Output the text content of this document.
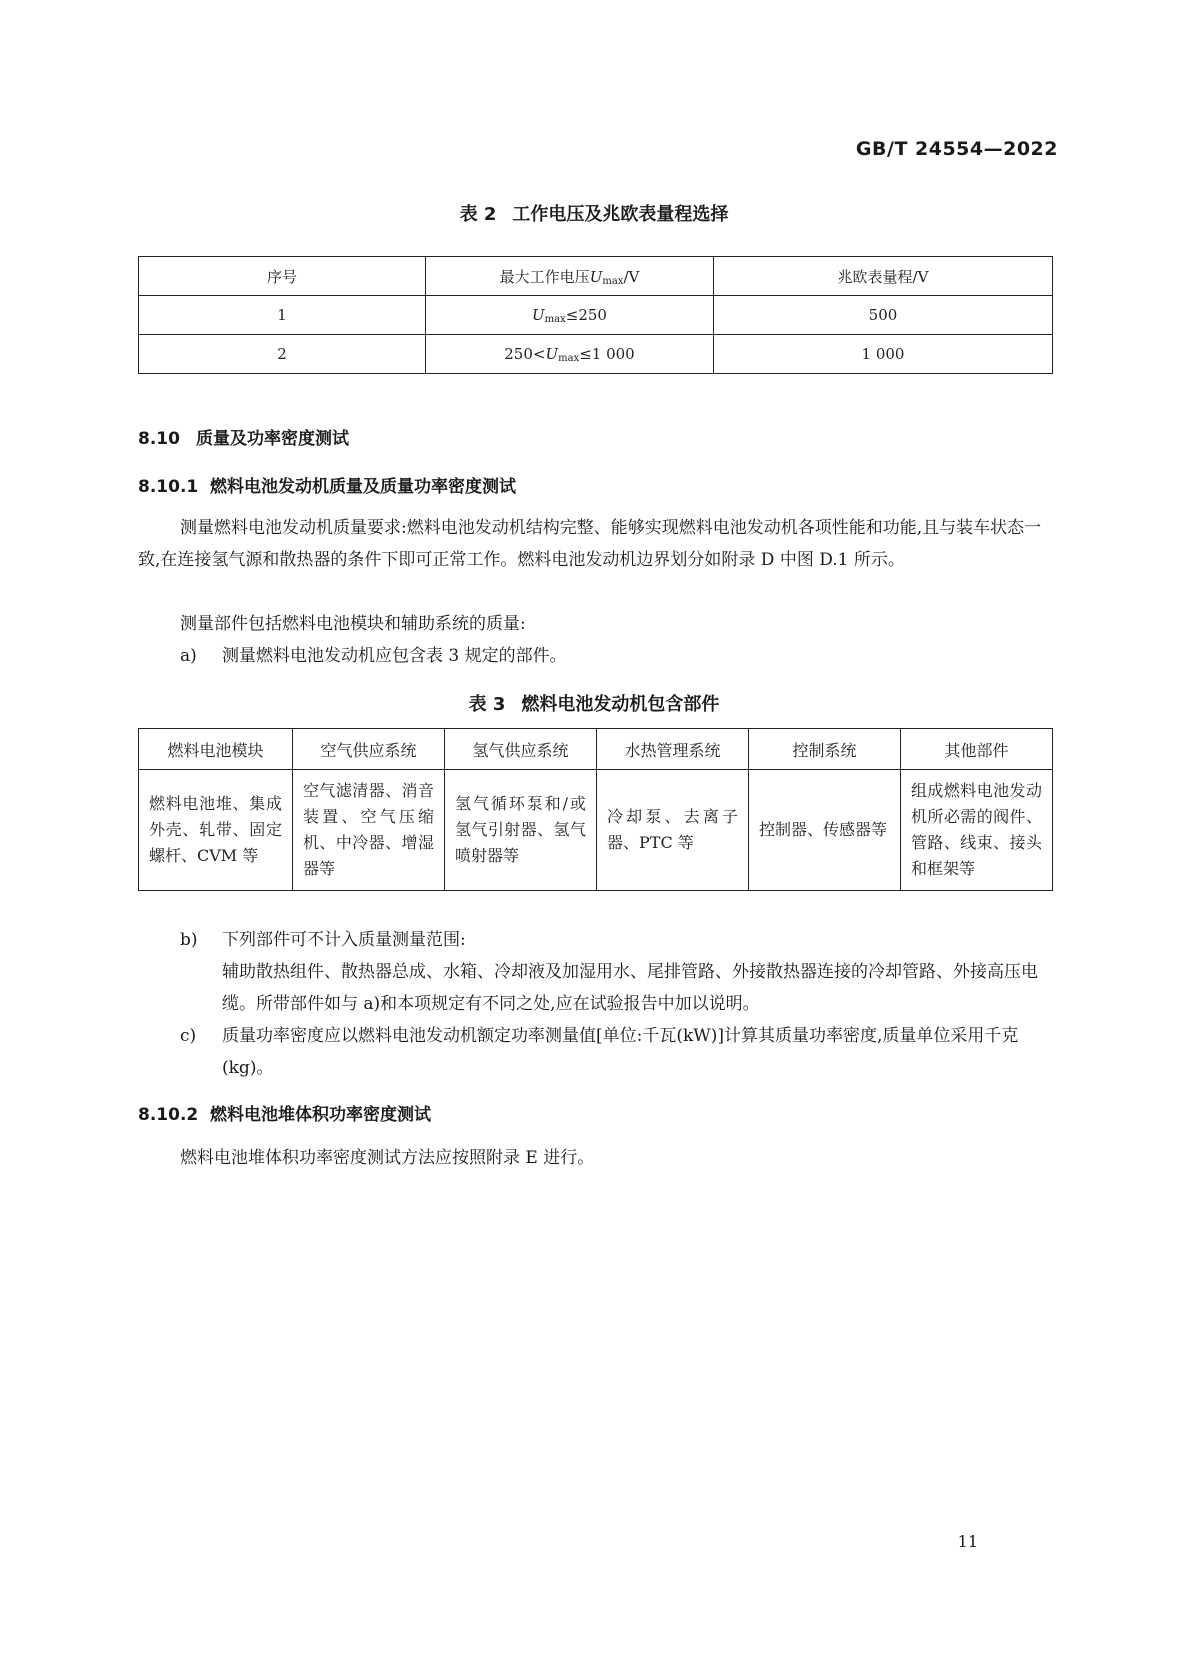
GB/T 24554—2022
表 2 工作电压及兆欧表量程选择
序号	最大工作电压$U_{max}/V$	兆欧表量程/V
1	$U_{max}\le 250$	500
2	$250<U_{max}\le 1$ 000	1 000
8.10 质量及功率密度测试
8.10.1 燃料电池发动机质量及质量功率密度测试
测量燃料电池发动机质量要求:燃料电池发动机结构完整、能够实现燃料电池发动机各项性能和功能,且与装车状态一致,在连接氢气源和散热器的条件下即可正常工作。燃料电池发动机边界划分如附录 D 中图 D.1 所示。
测量部件包括燃料电池模块和辅助系统的质量:
a) 测量燃料电池发动机应包含表 3 规定的部件。
表 3 燃料电池发动机包含部件
燃料电池模块	空气供应系统	氢气供应系统	水热管理系统	控制系统	其他部件
燃料电池堆、集成外壳、轧带、固定螺杆、CVM 等	空气滤清器、消音装置、空气压缩机、中冷器、增湿器等	氢气循环泵和/或氢气引射器、氢气喷射器等	冷却泵、去离子器、PTC 等	控制器、传感器等	组成燃料电池发动机所必需的阀件、管路、线束、接头和框架等
b) 下列部件可不计入质量测量范围:
辅助散热组件、散热器总成、水箱、冷却液及加湿用水、尾排管路、外接散热器连接的冷却管路、外接高压电缆。所带部件如与 a)和本项规定有不同之处,应在试验报告中加以说明。
c)	质量功率密度应以燃料电池发动机额定功率测量值[单位:千瓦(kW)]计算其质量功率密度,质量单位采用千克(kg)。
8.10.2 燃料电池堆体积功率密度测试
燃料电池堆体积功率密度测试方法应按照附录 E 进行。
11
